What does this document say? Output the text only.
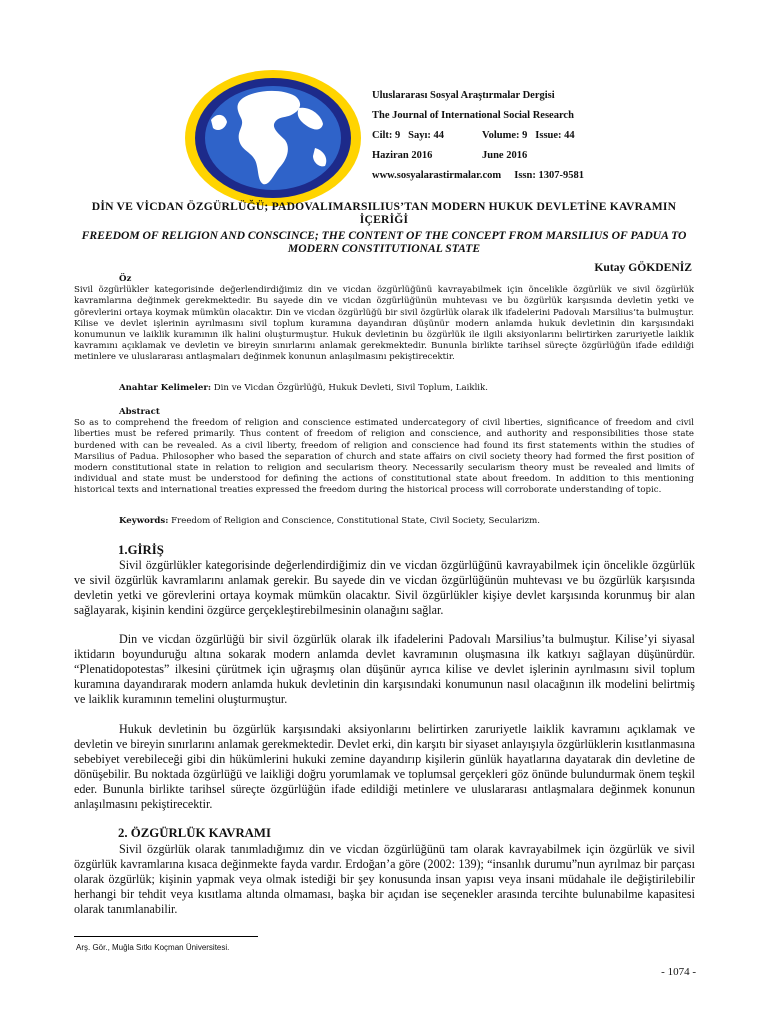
Uluslararası Sosyal Araştırmalar Dergisi
The Journal of International Social Research
Cilt: 9 Sayı: 44	Volume: 9
Issue: 44
Haziran 2016	June 2016
www.sosyalarastirmalar.com
Issn: 1307-9581
DİN VE VİCDAN ÖZGÜRLÜĞÜ; PADOVALIMARSILIUS’TAN MODERN HUKUK DEVLETİNE KAVRAMIN İÇERİĞİ
FREEDOM OF RELIGION AND CONSCINCE; THE CONTENT OF THE CONCEPT FROM MARSILIUS OF PADUA TO MODERN CONSTITUTIONAL STATE
Kutay GÖKDENİZ
Öz
Sivil özgürlükler kategorisinde değerlendirdiğimiz din ve vicdan özgürlüğünü kavrayabilmek için öncelikle özgürlük ve sivil özgürlük kavramlarına değinmek gerekmektedir. Bu sayede din ve vicdan özgürlüğünün muhtevası ve bu özgürlük karşısında devletin yetki ve görevlerini ortaya koymak mümkün olacaktır. Din ve vicdan özgürlüğü bir sivil özgürlük olarak ilk ifadelerini Padovalı Marsilius’ta bulmuştur. Kilise ve devlet işlerinin ayrılmasını sivil toplum kuramına dayandıran düşünür modern anlamda hukuk devletinin din karşısındaki konumunun ve laiklik kuramının ilk halini oluşturmuştur. Hukuk devletinin bu özgürlük ile ilgili aksiyonlarını belirtirken zaruriyetle laiklik kavramını açıklamak ve devletin ve bireyin sınırlarını anlamak gerekmektedir. Bununla birlikte tarihsel süreçte özgürlüğün ifade edildiği metinlere ve uluslararası antlaşmaları değinmek konunun anlaşılmasını pekiştirecektir.
Anahtar Kelimeler: Din ve Vicdan Özgürlüğü, Hukuk Devleti, Sivil Toplum, Laiklik.
Abstract
So as to comprehend the freedom of religion and conscience estimated undercategory of civil liberties, significance of freedom and civil liberties must be refered primarily. Thus content of freedom of religion and conscience, and authority and responsibilities those state burdened with can be revealed. As a civil liberty, freedom of religion and conscience had found its first statements within the studies of Marsilius of Padua. Philosopher who based the separation of church and state affairs on civil society theory had formed the first position of modern constitutional state in relation to religion and secularism theory. Necessarily secularism theory must be revealed and limits of individual and state must be understood for defining the actions of constitutional state about freedom. In addition to this mentioning historical texts and international treaties expressed the freedom during the historical process will corroborate understanding of topic.
Keywords: Freedom of Religion and Conscience, Constitutional State, Civil Society, Secularizm.
1.GİRİŞ
Sivil özgürlükler kategorisinde değerlendirdiğimiz din ve vicdan özgürlüğünü kavrayabilmek için öncelikle özgürlük ve sivil özgürlük kavramlarını anlamak gerekir. Bu sayede din ve vicdan özgürlüğünün muhtevası ve bu özgürlük karşısında devletin yetki ve görevlerini ortaya koymak mümkün olacaktır. Sivil özgürlükler kişiye devlet karşısında korunmuş bir alan sağlayarak, kişinin kendini özgürce gerçekleştirebilmesinin olanağını sağlar.
Din ve vicdan özgürlüğü bir sivil özgürlük olarak ilk ifadelerini Padovalı Marsilius’ta bulmuştur. Kilise’yi siyasal iktidarın boyunduruğu altına sokarak modern anlamda devlet kavramının oluşmasına ilk katkıyı sağlayan düşünürdür. “Plenatidopotestas” ilkesini çürütmek için uğraşmış olan düşünür ayrıca kilise ve devlet işlerinin ayrılmasını sivil toplum kuramına dayandırarak modern anlamda hukuk devletinin din karşısındaki konumunun nasıl olacağının ilk modelini belirtmiş ve laiklik kuramının temelini oluşturmuştur.
Hukuk devletinin bu özgürlük karşısındaki aksiyonlarını belirtirken zaruriyetle laiklik kavramını açıklamak ve devletin ve bireyin sınırlarını anlamak gerekmektedir. Devlet erki, din karşıtı bir siyaset anlayışıyla özgürlüklerin kısıtlanmasına sebebiyet verebileceği gibi din hükümlerini hukuki zemine dayandırıp kişilerin günlük hayatlarına dayatarak din devletine de dönüşebilir. Bu noktada özgürlüğü ve laikliği doğru yorumlamak ve toplumsal gerçekleri göz önünde bulundurmak önem teşkil eder. Bununla birlikte tarihsel süreçte özgürlüğün ifade edildiği metinlere ve uluslararası antlaşmalara değinmek konunun anlaşılmasını pekiştirecektir.
2. ÖZGÜRLÜK KAVRAMI
Sivil özgürlük olarak tanımladığımız din ve vicdan özgürlüğünü tam olarak kavrayabilmek için özgürlük ve sivil özgürlük kavramlarına kısaca değinmekte fayda vardır. Erdoğan’a göre (2002: 139); “insanlık durumu”nun ayrılmaz bir parçası olarak özgürlük; kişinin yapmak veya olmak istediği bir şey konusunda insan yapısı veya insani müdahale ile değiştirilebilir herhangi bir tehdit veya kısıtlama altında olmaması, başka bir açıdan ise seçenekler arasında tercihte bulunabilme kapasitesi olarak tanımlanabilir.
Arş. Gör., Muğla Sıtkı Koçman Üniversitesi.
- 1074 -
